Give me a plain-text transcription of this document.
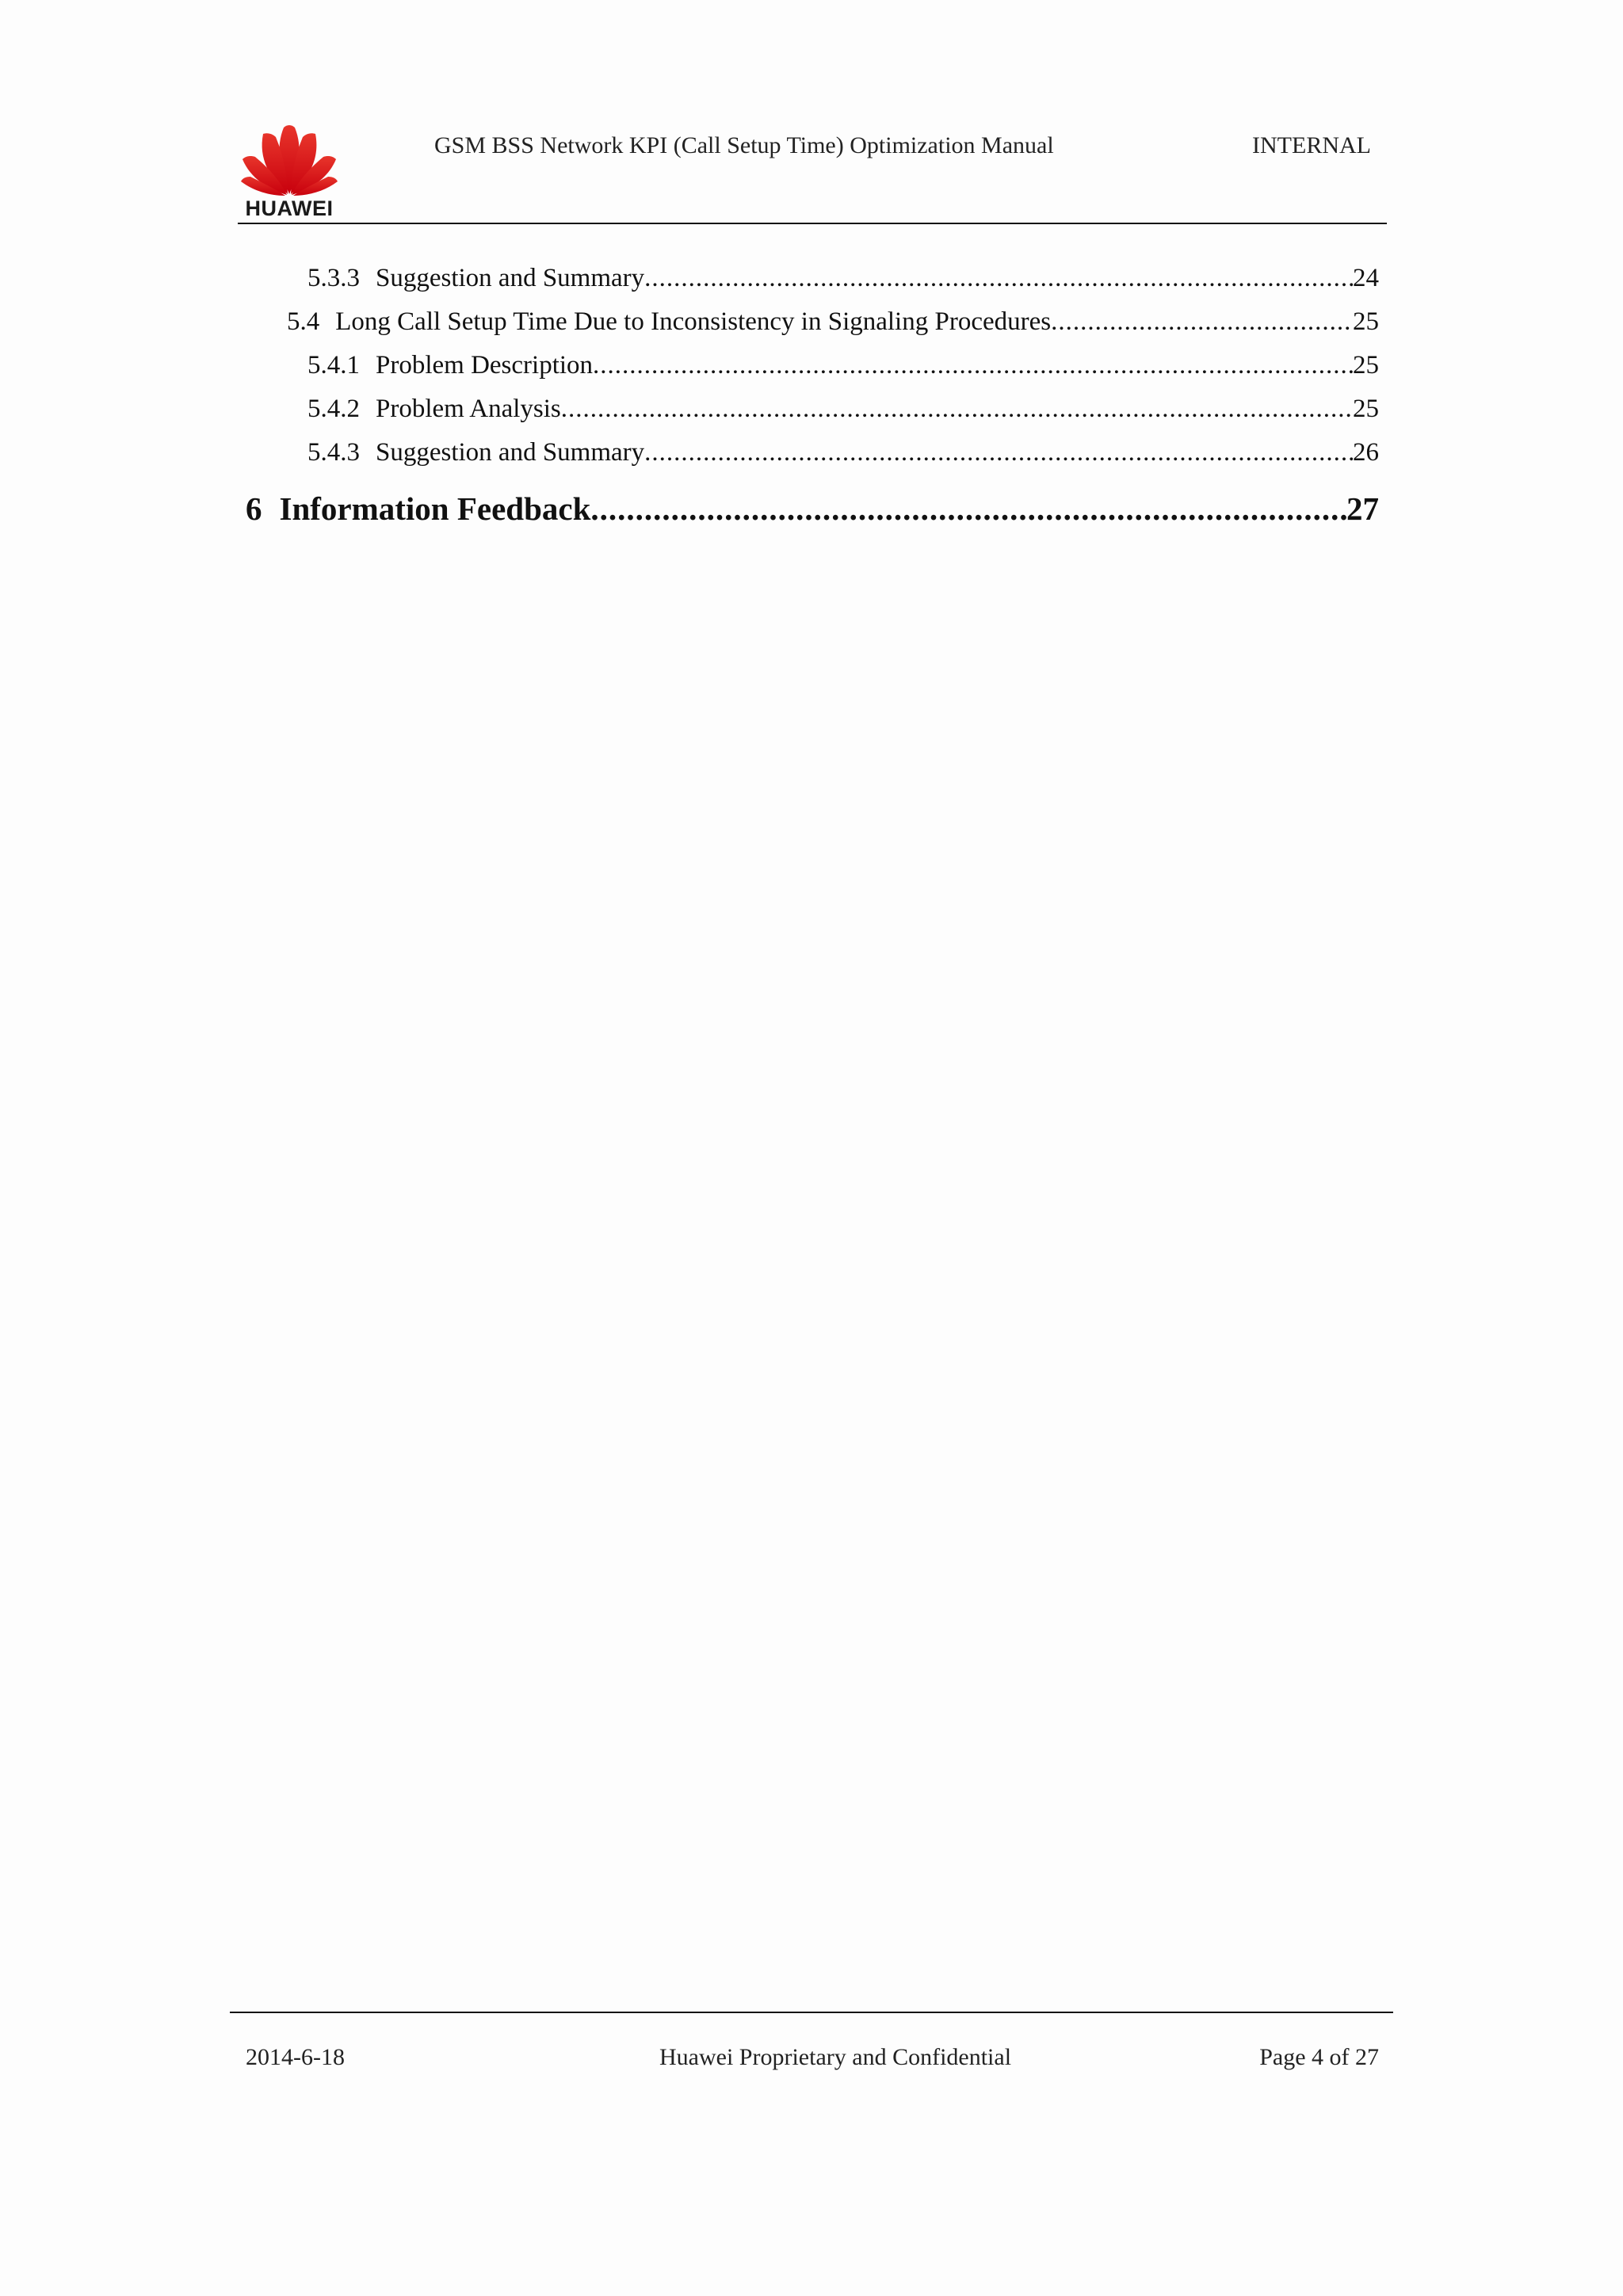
HUAWEI
GSM BSS Network KPI (Call Setup Time) Optimization Manual	INTERNAL
5.3.3 Suggestion and Summary .....	24
5.4 Long Call Setup Time Due to Inconsistency in Signaling Procedures .....	25
5.4.1 Problem Description .....	25
5.4.2 Problem Analysis .....	25
5.4.3 Suggestion and Summary .....	26
6 Information Feedback .....	27
2014-6-18	Huawei Proprietary and Confidential	Page 4 of 27
